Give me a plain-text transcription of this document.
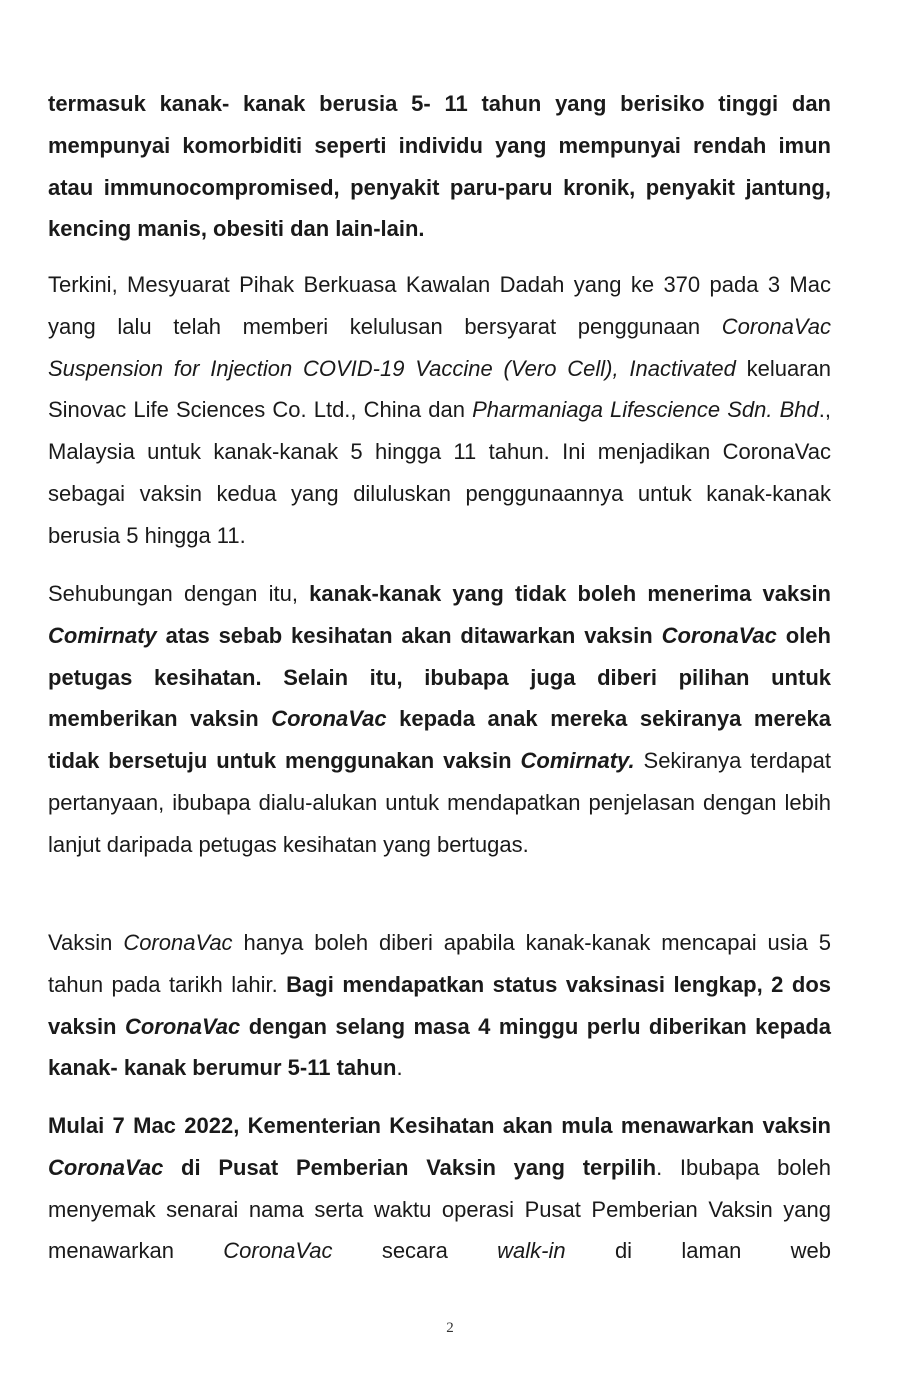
termasuk kanak- kanak berusia 5- 11 tahun yang berisiko tinggi dan mempunyai komorbiditi seperti individu yang mempunyai rendah imun atau immunocompromised, penyakit paru-paru kronik, penyakit jantung, kencing manis, obesiti dan lain-lain.

Terkini, Mesyuarat Pihak Berkuasa Kawalan Dadah yang ke 370 pada 3 Mac yang lalu telah memberi kelulusan bersyarat penggunaan CoronaVac Suspension for Injection COVID-19 Vaccine (Vero Cell), Inactivated keluaran Sinovac Life Sciences Co. Ltd., China dan Pharmaniaga Lifescience Sdn. Bhd., Malaysia untuk kanak-kanak 5 hingga 11 tahun. Ini menjadikan CoronaVac sebagai vaksin kedua yang diluluskan penggunaannya untuk kanak-kanak berusia 5 hingga 11.

Sehubungan dengan itu, kanak-kanak yang tidak boleh menerima vaksin Comirnaty atas sebab kesihatan akan ditawarkan vaksin CoronaVac oleh petugas kesihatan. Selain itu, ibubapa juga diberi pilihan untuk memberikan vaksin CoronaVac kepada anak mereka sekiranya mereka tidak bersetuju untuk menggunakan vaksin Comirnaty. Sekiranya terdapat pertanyaan, ibubapa dialu-alukan untuk mendapatkan penjelasan dengan lebih lanjut daripada petugas kesihatan yang bertugas.

Vaksin CoronaVac hanya boleh diberi apabila kanak-kanak mencapai usia 5 tahun pada tarikh lahir. Bagi mendapatkan status vaksinasi lengkap, 2 dos vaksin CoronaVac dengan selang masa 4 minggu perlu diberikan kepada kanak- kanak berumur 5-11 tahun.

Mulai 7 Mac 2022, Kementerian Kesihatan akan mula menawarkan vaksin CoronaVac di Pusat Pemberian Vaksin yang terpilih. Ibubapa boleh menyemak senarai nama serta waktu operasi Pusat Pemberian Vaksin yang menawarkan CoronaVac secara walk-in di laman web

2
